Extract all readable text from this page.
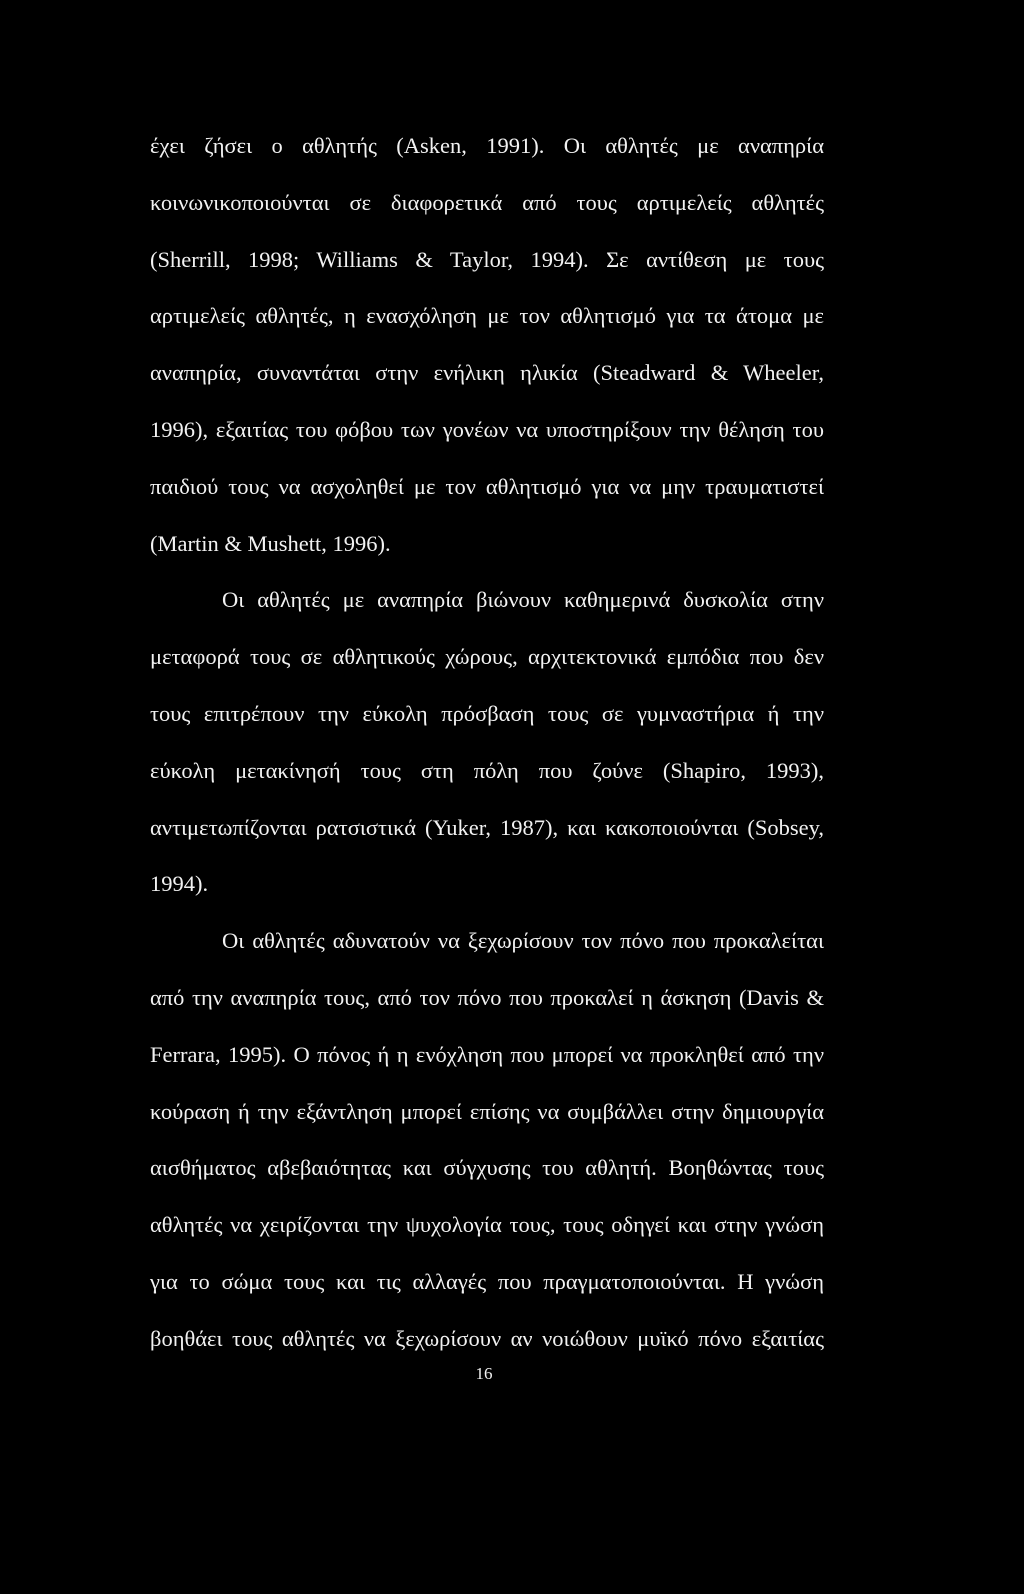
έχει ζήσει ο αθλητής (Asken, 1991). Οι αθλητές με αναπηρία
κοινωνικοποιούνται σε διαφορετικά από τους αρτιμελείς αθλητές
(Sherrill, 1998; Williams & Taylor, 1994). Σε αντίθεση με τους
αρτιμελείς αθλητές, η ενασχόληση με τον αθλητισμό για τα άτομα με
αναπηρία, συναντάται στην ενήλικη ηλικία (Steadward & Wheeler,
1996), εξαιτίας του φόβου των γονέων να υποστηρίξουν την θέληση του
παιδιού τους να ασχοληθεί με τον αθλητισμό για να μην τραυματιστεί
(Martin & Mushett, 1996).
Οι αθλητές με αναπηρία βιώνουν καθημερινά δυσκολία στην
μεταφορά τους σε αθλητικούς χώρους, αρχιτεκτονικά εμπόδια που δεν
τους επιτρέπουν την εύκολη πρόσβαση τους σε γυμναστήρια ή την
εύκολη μετακίνησή τους στη πόλη που ζούνε (Shapiro, 1993),
αντιμετωπίζονται ρατσιστικά (Yuker, 1987), και κακοποιούνται (Sobsey,
1994).
Οι αθλητές αδυνατούν να ξεχωρίσουν τον πόνο που προκαλείται
από την αναπηρία τους, από τον πόνο που προκαλεί η άσκηση (Davis &
Ferrara, 1995). Ο πόνος ή η ενόχληση που μπορεί να προκληθεί από την
κούραση ή την εξάντληση μπορεί επίσης να συμβάλλει στην δημιουργία
αισθήματος αβεβαιότητας και σύγχυσης του αθλητή. Βοηθώντας τους
αθλητές να χειρίζονται την ψυχολογία τους, τους οδηγεί και στην γνώση
για το σώμα τους και τις αλλαγές που πραγματοποιούνται. Η γνώση
βοηθάει τους αθλητές να ξεχωρίσουν αν νοιώθουν μυϊκό πόνο εξαιτίας
16
